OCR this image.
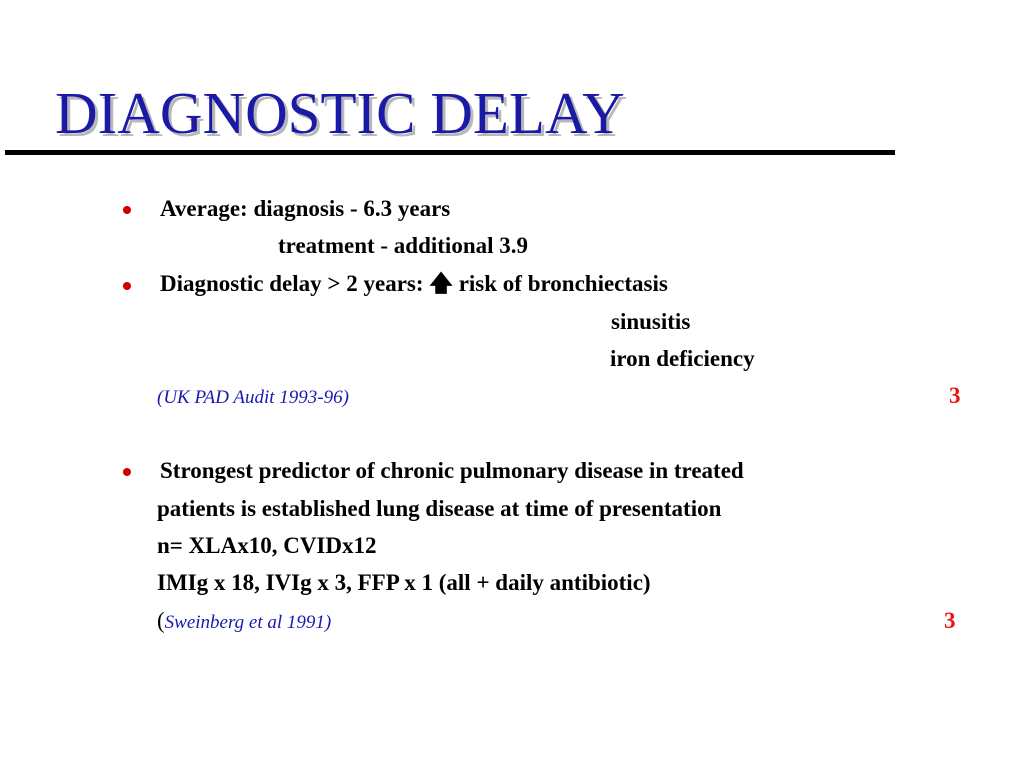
DIAGNOSTIC DELAY
Average: diagnosis - 6.3 years
treatment - additional 3.9
Diagnostic delay > 2 years: 🡅 risk of bronchiectasis
sinusitis
iron deficiency
(UK PAD Audit 1993-96)	3
Strongest predictor of chronic pulmonary disease in treated
patients is established lung disease at time of presentation
n= XLAx10, CVIDx12
IMIg x 18, IVIg x 3, FFP x 1 (all + daily antibiotic)
(Sweinberg et al 1991)	3
